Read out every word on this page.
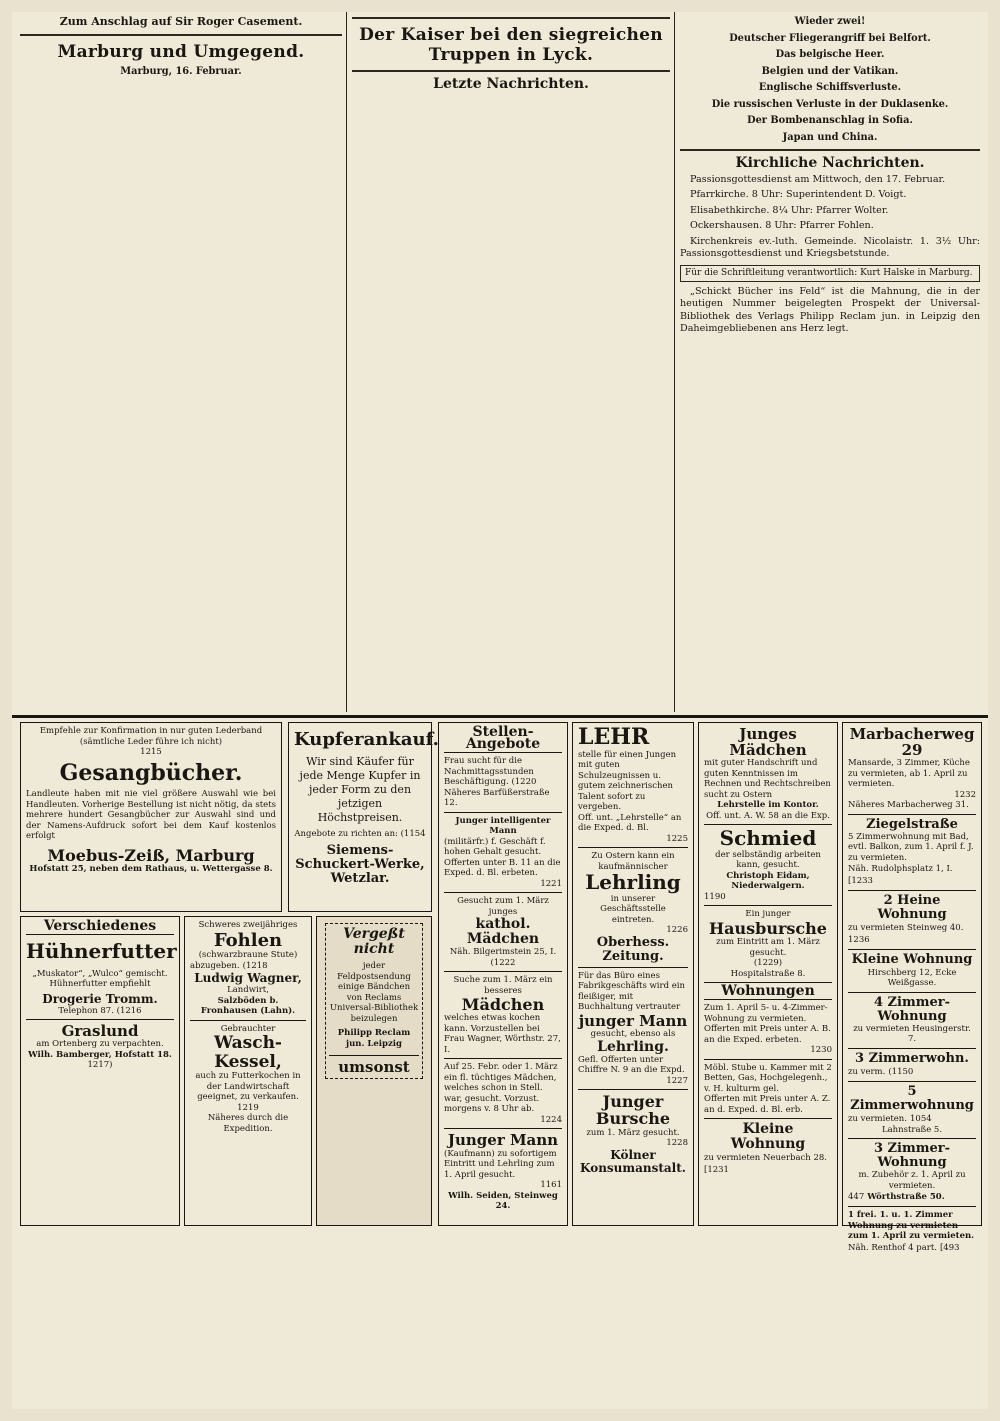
Zum Anschlag auf Sir Roger Casement.
Marburg und Umgegend.
Marburg, 16. Februar.
Der Kaiser bei den siegreichen Truppen in Lyck.
Letzte Nachrichten.
Wieder zwei!
Deutscher Fliegerangriff bei Belfort.
Das belgische Heer.
Belgien und der Vatikan.
Englische Schiffsverluste.
Die russischen Verluste in der Duklasenke.
Der Bombenanschlag in Sofia.
Japan und China.
Kirchliche Nachrichten.

Passionsgottesdienst am Mittwoch, den 17. Februar.

Pfarrkirche. 8 Uhr: Superintendent D. Voigt.

Elisabethkirche. 8¼ Uhr: Pfarrer Wolter.

Ockershausen. 8 Uhr: Pfarrer Fohlen.

Kirchenkreis ev.-luth. Gemeinde. Nicolaistr. 1. 3½ Uhr: Passionsgottesdienst und Kriegsbetstunde.

Für die Schriftleitung verantwortlich: Kurt Halske in Marburg.

„Schickt Bücher ins Feld“ ist die Mahnung, die in der heutigen Nummer beigelegten Prospekt der Universal-Bibliothek des Verlags Philipp Reclam jun. in Leipzig den Daheimgebliebenen ans Herz legt.

Empfehle zur Konfirmation in nur guten Lederband (sämtliche Leder führe ich nicht)
1215
Gesangbücher.
Landleute haben mit nie viel größere Auswahl wie bei Handleuten. Vorherige Bestellung ist nicht nötig, da stets mehrere hundert Gesangbücher zur Auswahl sind und der Namens-Aufdruck sofort bei dem Kauf kostenlos erfolgt
Moebus-Zeiß, Marburg
Hofstatt 25, neben dem Rathaus, u. Wettergasse 8.
Kupferankauf.
Wir sind Käufer für jede Menge Kupfer in jeder Form zu den jetzigen Höchstpreisen.
Angebote zu richten an: (1154
Siemens-Schuckert-Werke, Wetzlar.
Verschiedenes
Hühnerfutter
„Muskator“, „Wulco“ gemischt. Hühnerfutter empfiehlt
Drogerie Tromm.
Telephon 87. (1216
Graslund
am Ortenberg zu verpachten.
Wilh. Bamberger, Hofstatt 18.
1217)
Schweres zweijähriges
Fohlen
(schwarzbraune Stute)
abzugeben. (1218
Ludwig Wagner,
Landwirt,
Salzböden b. Fronhausen (Lahn).
Gebrauchter
Wasch-Kessel,
auch zu Futterkochen in der Landwirtschaft geeignet, zu verkaufen.
1219
Näheres durch die Expedition.
Vergeßt nicht
jeder Feldpostsendung einige Bändchen von Reclams Universal-Bibliothek beizulegen
Philipp Reclam jun. Leipzig
umsonst
Stellen-Angebote
Frau sucht für die Nachmittagsstunden Beschäftigung. (1220 Näheres Barfüßerstraße 12.
Junger intelligenter Mann
(militärfr.) f. Geschäft f. hohen Gehalt gesucht.
Offerten unter B. 11 an die Exped. d. Bl. erbeten.
1221
Gesucht zum 1. März junges
kathol. Mädchen
Näh. Bilgerimstein 25, I. (1222
Suche zum 1. März ein besseres
Mädchen
welches etwas kochen kann. Vorzustellen bei Frau Wagner, Wörthstr. 27, I.
Auf 25. Febr. oder 1. März ein fl. tüchtiges Mädchen, welches schon in Stell. war, gesucht. Vorzust. morgens v. 8 Uhr ab.
1224
Junger Mann
(Kaufmann) zu sofortigem Eintritt und Lehrling zum 1. April gesucht.
1161
Wilh. Seiden, Steinweg 24.
LEHR
stelle für einen Jungen mit guten Schulzeugnissen u. gutem zeichnerischen Talent sofort zu vergeben.
Off. unt. „Lehrstelle“ an die Exped. d. Bl.
1225
Zu Ostern kann ein kaufmännischer
Lehrling
in unserer Geschäftsstelle eintreten.
1226
Oberhess. Zeitung.
Für das Büro eines Fabrikgeschäfts wird ein fleißiger, mit Buchhaltung vertrauter
junger Mann
gesucht, ebenso als
Lehrling.
Gefl. Offerten unter Chiffre N. 9 an die Expd.
1227
Junger Bursche
zum 1. März gesucht.
1228
Kölner Konsumanstalt.
Junges Mädchen
mit guter Handschrift und guten Kenntnissen im Rechnen und Rechtschreiben sucht zu Ostern
Lehrstelle im Kontor.
Off. unt. A. W. 58 an die Exp.
Schmied
der selbständig arbeiten kann, gesucht.
Christoph Eidam, Niederwalgern.
1190
Ein junger
Hausbursche
zum Eintritt am 1. März gesucht.
(1229)
Hospitalstraße 8.
Wohnungen
Zum 1. April 5- u. 4-Zimmer-Wohnung zu vermieten.
Offerten mit Preis unter A. B. an die Exped. erbeten.
1230
Möbl. Stube u. Kammer mit 2 Betten, Gas, Hochgelegenh., v. H. kulturm gel.
Offerten mit Preis unter A. Z. an d. Exped. d. Bl. erb.
Kleine Wohnung
zu vermieten Neuerbach 28. [1231
Marbacherweg 29
Mansarde, 3 Zimmer, Küche zu vermieten, ab 1. April zu vermieten.
1232
Näheres Marbacherweg 31.
Ziegelstraße
5 Zimmerwohnung mit Bad, evtl. Balkon, zum 1. April f. J. zu vermieten.
Näh. Rudolphsplatz 1, I. [1233
2 Heine Wohnung
zu vermieten Steinweg 40. 1236
Kleine Wohnung
Hirschberg 12, Ecke Weißgasse.
4 Zimmer-Wohnung
zu vermieten Heusingerstr. 7.
3 Zimmerwohn.
zu verm. (1150
5 Zimmerwohnung
zu vermieten. 1054
Lahnstraße 5.
3 Zimmer-Wohnung
m. Zubehör z. 1. April zu vermieten.
447 Wörthstraße 50.
1 frei. 1. u. 1. Zimmer Wohnung zu vermieten zum 1. April zu vermieten.
Näh. Renthof 4 part. [493
